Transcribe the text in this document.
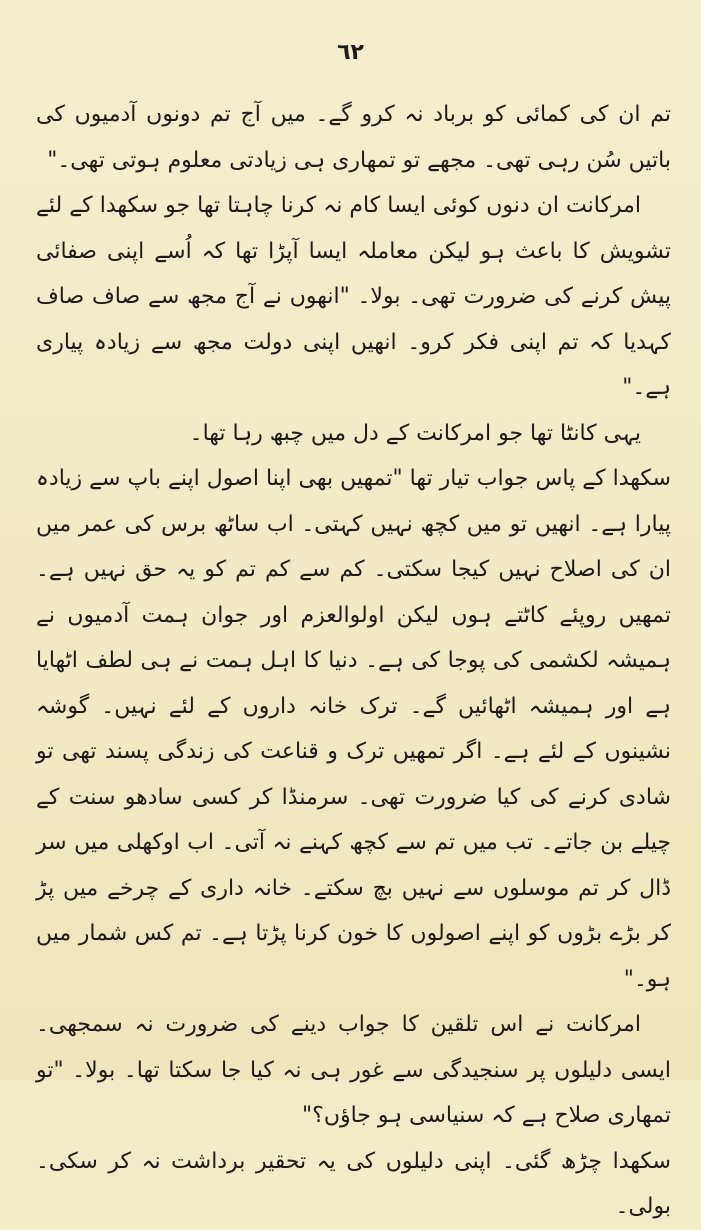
٦٢

تم ان کی کمائی کو برباد نہ کرو گے۔ میں آج تم دونوں آدمیوں کی باتیں سُن رہی تھی۔ مجھے تو تمھاری ہی زیادتی معلوم ہوتی تھی۔"

امرکانت ان دنوں کوئی ایسا کام نہ کرنا چاہتا تھا جو سکھدا کے لئے تشویش کا باعث ہو لیکن معاملہ ایسا آپڑا تھا کہ اُسے اپنی صفائی پیش کرنے کی ضرورت تھی۔ بولا۔ "انھوں نے آج مجھ سے صاف صاف کہدیا کہ تم اپنی فکر کرو۔ انھیں اپنی دولت مجھ سے زیادہ پیاری ہے۔"

یہی کانٹا تھا جو امرکانت کے دل میں چبھ رہا تھا۔

سکھدا کے پاس جواب تیار تھا "تمھیں بھی اپنا اصول اپنے باپ سے زیادہ پیارا ہے۔ انھیں تو میں کچھ نہیں کہتی۔ اب ساٹھ برس کی عمر میں ان کی اصلاح نہیں کیجا سکتی۔ کم سے کم تم کو یہ حق نہیں ہے۔ تمھیں روپئے کاٹتے ہوں لیکن اولوالعزم اور جوان ہمت آدمیوں نے ہمیشہ لکشمی کی پوجا کی ہے۔ دنیا کا اہل ہمت نے ہی لطف اٹھایا ہے اور ہمیشہ اٹھائیں گے۔ ترک خانہ داروں کے لئے نہیں۔ گوشہ نشینوں کے لئے ہے۔ اگر تمھیں ترک و قناعت کی زندگی پسند تھی تو شادی کرنے کی کیا ضرورت تھی۔ سرمنڈا کر کسی سادھو سنت کے چیلے بن جاتے۔ تب میں تم سے کچھ کہنے نہ آتی۔ اب اوکھلی میں سر ڈال کر تم موسلوں سے نہیں بچ سکتے۔ خانہ داری کے چرخے میں پڑ کر بڑے بڑوں کو اپنے اصولوں کا خون کرنا پڑتا ہے۔ تم کس شمار میں ہو۔"

امرکانت نے اس تلقین کا جواب دینے کی ضرورت نہ سمجھی۔ ایسی دلیلوں پر سنجیدگی سے غور ہی نہ کیا جا سکتا تھا۔ بولا۔ "تو تمھاری صلاح ہے کہ سنیاسی ہو جاؤں؟"

سکھدا چڑھ گئی۔ اپنی دلیلوں کی یہ تحقیر برداشت نہ کر سکی۔ بولی۔
